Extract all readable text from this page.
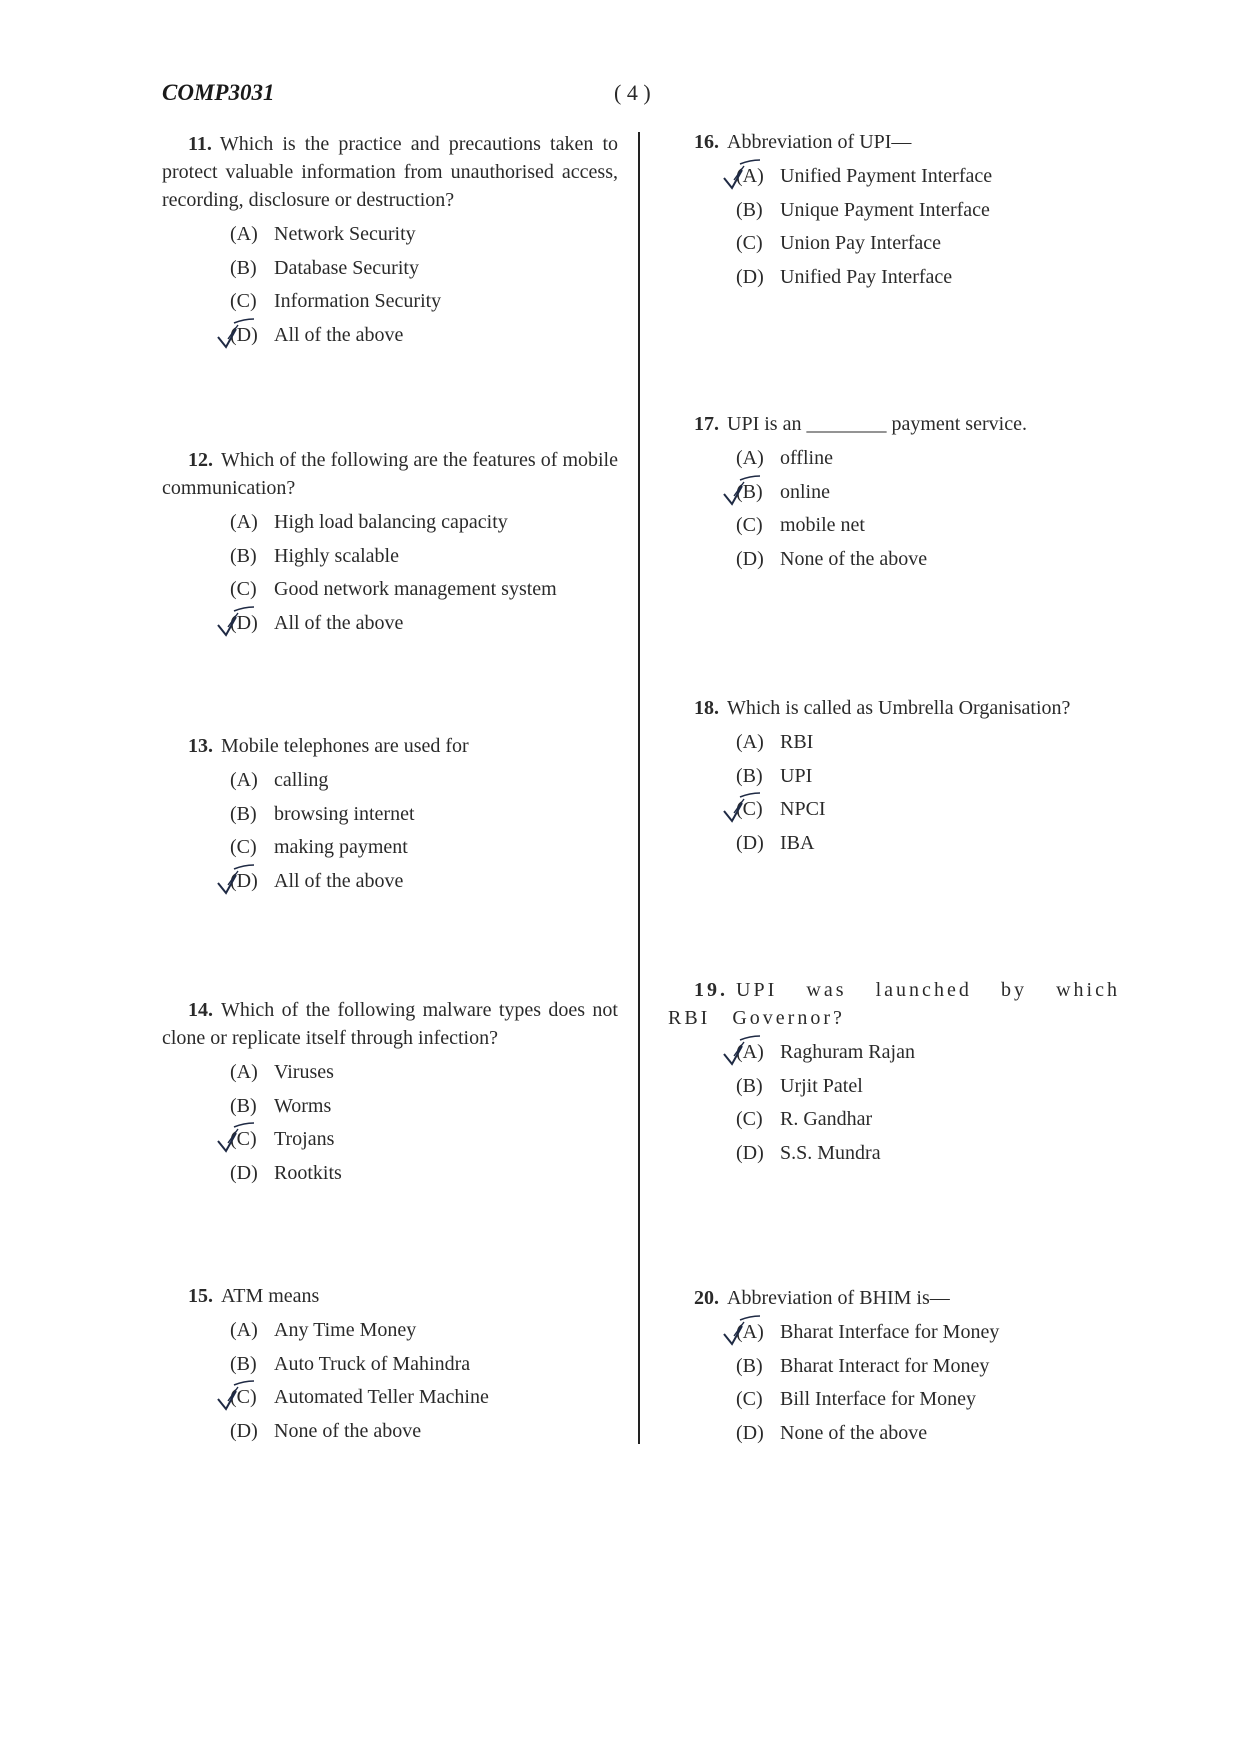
COMP3031	( 4 )
11. Which is the practice and precautions taken to protect valuable information from unauthorised access, recording, disclosure or destruction?
(A) Network Security
(B) Database Security
(C) Information Security
(D) All of the above
12. Which of the following are the features of mobile communication?
(A) High load balancing capacity
(B) Highly scalable
(C) Good network management system
(D) All of the above
13. Mobile telephones are used for
(A) calling
(B) browsing internet
(C) making payment
(D) All of the above
14. Which of the following malware types does not clone or replicate itself through infection?
(A) Viruses
(B) Worms
(C) Trojans
(D) Rootkits
15. ATM means
(A) Any Time Money
(B) Auto Truck of Mahindra
(C) Automated Teller Machine
(D) None of the above
16. Abbreviation of UPI—
(A) Unified Payment Interface
(B) Unique Payment Interface
(C) Union Pay Interface
(D) Unified Pay Interface
17. UPI is an ________ payment service.
(A) offline
(B) online
(C) mobile net
(D) None of the above
18. Which is called as Umbrella Organisation?
(A) RBI
(B) UPI
(C) NPCI
(D) IBA
19. UPI was launched by which RBI Governor?
(A) Raghuram Rajan
(B) Urjit Patel
(C) R. Gandhar
(D) S.S. Mundra
20. Abbreviation of BHIM is—
(A) Bharat Interface for Money
(B) Bharat Interact for Money
(C) Bill Interface for Money
(D) None of the above
